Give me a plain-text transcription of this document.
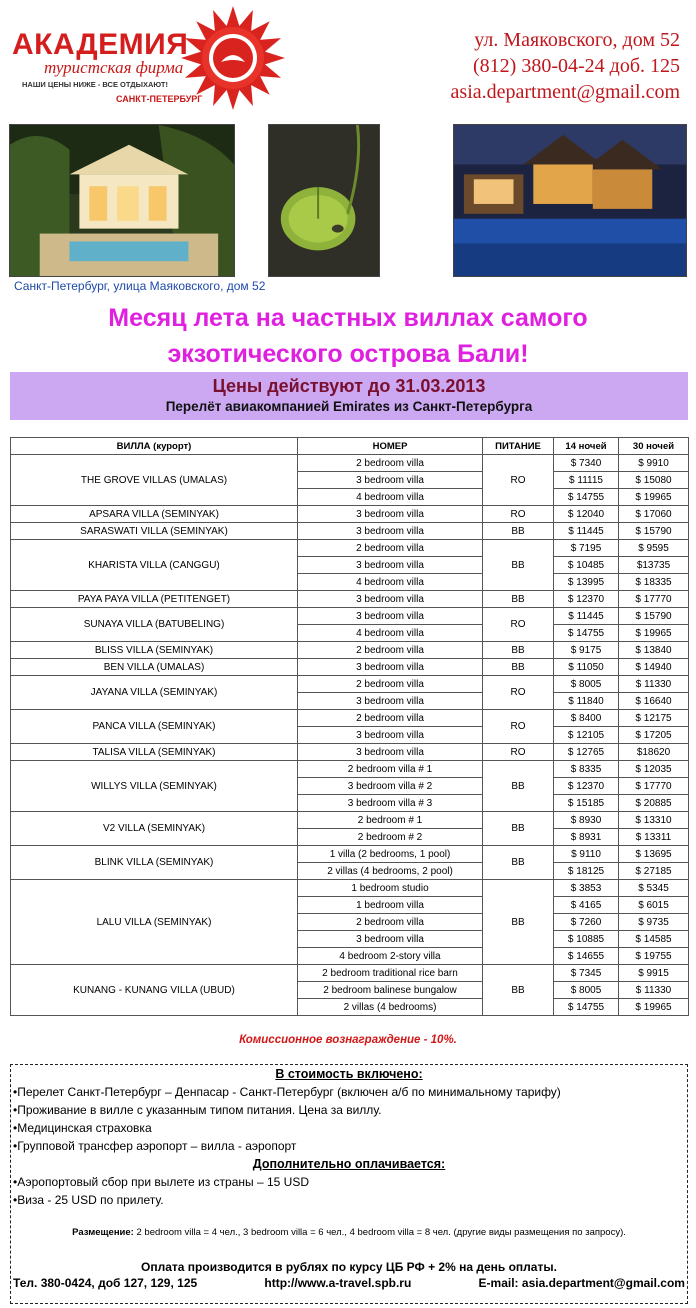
АКАДЕМИЯ
туристская фирма
НАШИ ЦЕНЫ НИЖЕ - ВСЕ ОТДЫХАЮТ!
САНКТ-ПЕТЕРБУРГ
ул. Маяковского, дом 52
(812) 380-04-24 доб. 125
asia.department@gmail.com
Санкт-Петербург, улица Маяковского, дом 52
Месяц лета на частных виллах самого
экзотического острова Бали!
Цены действуют до 31.03.2013
Перелёт авиакомпанией Emirates из Санкт-Петербурга
ВИЛЛА (курорт)	НОМЕР	ПИТАНИЕ	14 ночей	30 ночей
THE GROVE VILLAS (UMALAS)	2 bedroom villa	RO	$ 7340	$ 9910
	3 bedroom villa		$ 11115	$ 15080
	4 bedroom villa		$ 14755	$ 19965
APSARA VILLA (SEMINYAK)	3 bedroom villa	RO	$ 12040	$ 17060
SARASWATI VILLA (SEMINYAK)	3 bedroom villa	BB	$ 11445	$ 15790
KHARISTA VILLA (CANGGU)	2 bedroom villa	BB	$ 7195	$ 9595
	3 bedroom villa		$ 10485	$13735
	4 bedroom villa		$ 13995	$ 18335
PAYA PAYA VILLA (PETITENGET)	3 bedroom villa	BB	$ 12370	$ 17770
SUNAYA VILLA (BATUBELING)	3 bedroom villa	RO	$ 11445	$ 15790
	4 bedroom villa		$ 14755	$ 19965
BLISS VILLA (SEMINYAK)	2 bedroom villa	BB	$ 9175	$ 13840
BEN VILLA (UMALAS)	3 bedroom villa	BB	$ 11050	$ 14940
JAYANA VILLA (SEMINYAK)	2 bedroom villa	RO	$ 8005	$ 11330
	3 bedroom villa		$ 11840	$ 16640
PANCA VILLA (SEMINYAK)	2 bedroom villa	RO	$ 8400	$ 12175
	3 bedroom villa		$ 12105	$ 17205
TALISA VILLA (SEMINYAK)	3 bedroom villa	RO	$ 12765	$18620
WILLYS VILLA (SEMINYAK)	2 bedroom villa # 1	BB	$ 8335	$ 12035
	3 bedroom villa # 2		$ 12370	$ 17770
	3 bedroom villa # 3		$ 15185	$ 20885
V2 VILLA (SEMINYAK)	2 bedroom # 1	BB	$ 8930	$ 13310
	2 bedroom # 2		$ 8931	$ 13311
BLINK VILLA (SEMINYAK)	1 villa (2 bedrooms, 1 pool)	BB	$ 9110	$ 13695
	2 villas (4 bedrooms, 2 pool)		$ 18125	$ 27185
LALU VILLA (SEMINYAK)	1 bedroom studio	BB	$ 3853	$ 5345
	1 bedroom villa		$ 4165	$ 6015
	2 bedroom villa		$ 7260	$ 9735
	3 bedroom villa		$ 10885	$ 14585
	4 bedroom 2-story villa		$ 14655	$ 19755
KUNANG - KUNANG VILLA (UBUD)	2 bedroom traditional rice barn	BB	$ 7345	$ 9915
	2 bedroom balinese bungalow		$ 8005	$ 11330
	2 villas (4 bedrooms)		$ 14755	$ 19965
Комиссионное вознаграждение - 10%.
В стоимость включено:
• Перелет Санкт-Петербург – Денпасар - Санкт-Петербург (включен а/б по минимальному тарифу)
• Проживание в вилле с указанным типом питания. Цена за виллу.
• Медицинская страховка
• Групповой трансфер аэропорт – вилла - аэропорт
Дополнительно оплачивается:
• Аэропортовый сбор при вылете из страны – 15 USD
• Виза - 25 USD по прилету.
Размещение: 2 bedroom villa = 4 чел., 3 bedroom villa = 6 чел., 4 bedroom villa = 8 чел. (другие виды размещения по запросу).
Оплата производится в рублях по курсу ЦБ РФ + 2% на день оплаты.
Тел. 380-0424, доб 127, 129, 125	http://www.a-travel.spb.ru	E-mail: asia.department@gmail.com
